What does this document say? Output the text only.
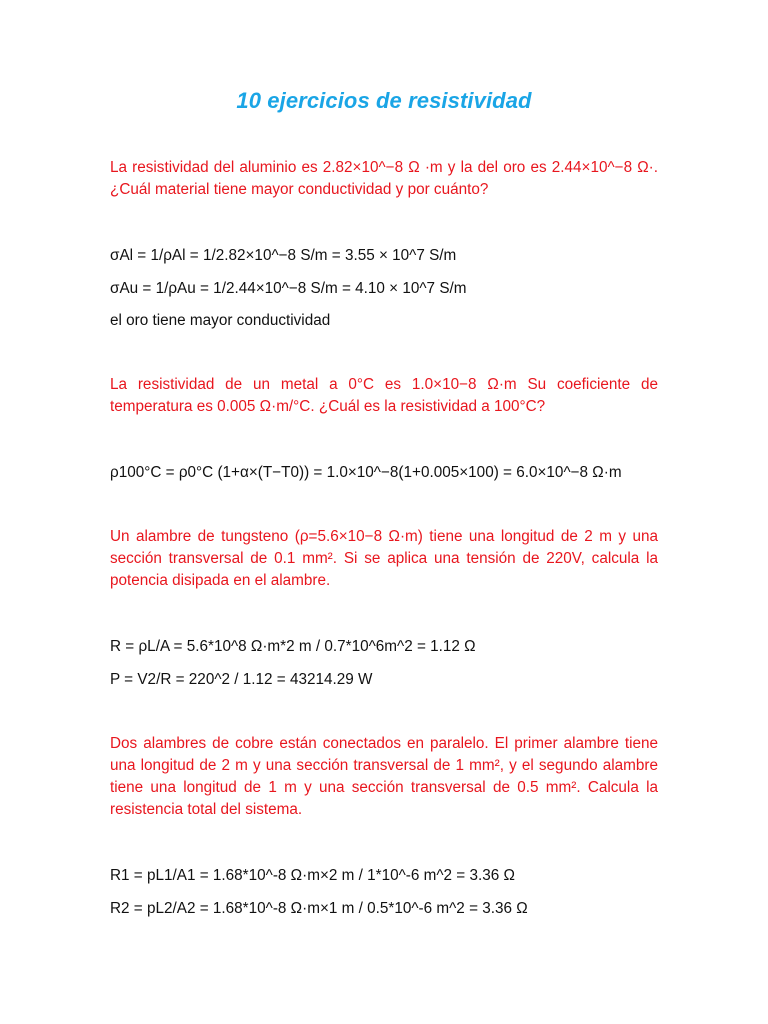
10 ejercicios de resistividad
La resistividad del aluminio es 2.82×10^−8 Ω ·m y la del oro es 2.44×10^−8 Ω·. ¿Cuál material tiene mayor conductividad y por cuánto?
σAl = 1/ρAl = 1/2.82×10^−8 S/m = 3.55 × 10^7 S/m
σAu = 1/ρAu = 1/2.44×10^−8 S/m = 4.10 × 10^7 S/m
el oro tiene mayor conductividad
La resistividad de un metal a 0°C es 1.0×10−8 Ω·m Su coeficiente de temperatura es 0.005 Ω·m/°C. ¿Cuál es la resistividad a 100°C?
ρ100°C = ρ0°C (1+α×(T−T0)) = 1.0×10^−8(1+0.005×100) = 6.0×10^−8 Ω·m
Un alambre de tungsteno (ρ=5.6×10−8 Ω·m) tiene una longitud de 2 m y una sección transversal de 0.1 mm². Si se aplica una tensión de 220V, calcula la potencia disipada en el alambre.
R = ρL/A = 5.6*10^8 Ω·m*2 m / 0.7*10^6m^2 = 1.12 Ω
P = V2/R = 220^2 / 1.12 = 43214.29 W
Dos alambres de cobre están conectados en paralelo. El primer alambre tiene una longitud de 2 m y una sección transversal de 1 mm², y el segundo alambre tiene una longitud de 1 m y una sección transversal de 0.5 mm². Calcula la resistencia total del sistema.
R1 = pL1/A1 = 1.68*10^-8 Ω·m×2 m / 1*10^-6 m^2 = 3.36 Ω
R2 = pL2/A2 = 1.68*10^-8 Ω·m×1 m / 0.5*10^-6 m^2 = 3.36 Ω
